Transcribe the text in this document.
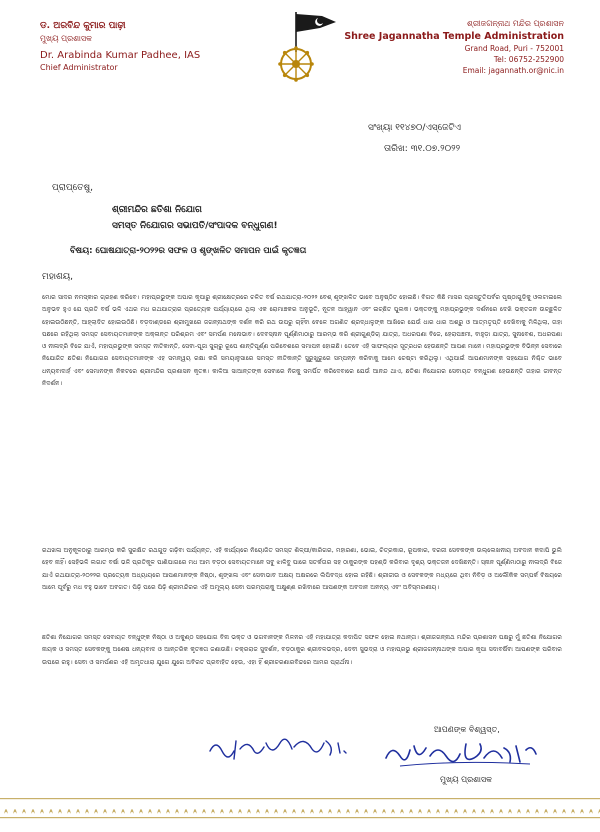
ଡ. ଅରବିନ୍ଦ କୁମାର ପାଢ଼ୀ
ମୁଖ୍ୟ ପ୍ରଶାସକ
Dr. Arabinda Kumar Padhee, IAS
Chief Administrator
ଶ୍ରୀଜଗନ୍ନାଥ ମନ୍ଦିର ପ୍ରଶାସନ
Shree Jagannatha Temple Administration
Grand Road, Puri - 752001
Tel: 06752-252900
Email: jagannath.or@nic.in
ସଂଖ୍ୟା ୧୧୪୭୦/ଏସ୍‌ଜେଟିଏ
ତାରିଖ: ୩୧.୦୭.୨୦୨୨
ପ୍ରାପ୍ତେଷୁ,
ଶ୍ରୀମନ୍ଦିର ଛତିଶା ନିଯୋଗ
ସମସ୍ତ ନିଯୋଗର ସଭାପତି/ସଂପାଦକ ବନ୍ଧୁଗଣ!
ବିଷୟ: ଘୋଷଯାତ୍ରା-୨୦୨୨ର ସଫଳ ଓ ଶୃଙ୍ଖଳିତ ସମାପନ ପାଇଁ କୃତଜ୍ଞତା
ମହାଶୟ,
ମୋର ସାଦର ନମସ୍କାର ଗ୍ରହଣ କରିବେ। ମହାପ୍ରଭୁଙ୍କ ଅପାର କୃପାରୁ ଶ୍ରୀକ୍ଷେତ୍ରରେ ଚଳିତ ବର୍ଷ ରଥଯାତ୍ରା-୨୦୨୨ ବେଶ୍ ଶୃଙ୍ଖଳିତ ଭାବେ ଅନୁଷ୍ଠିତ ହୋଇଛି। ବିଗତ କିଛି ମାସର ପ୍ରସ୍ତୁତିପର୍ବର ପୃଷ୍ଠାଗୁଡ଼ିକୁ ଓଲଟାଇଲେ ଅନୁଭବ ହୁଏ ଯେ ପ୍ରତି ବର୍ଷ ଭଳି ଏଥର ମଧ ରଥଯାତ୍ରାର ପ୍ରତ୍ୟେକ ପର୍ଯ୍ୟାୟରେ ଥିଲା ଏକ ରୋମାଞ୍ଚକର ଅନୁଭୂତି, ନୂତନ ଆହ୍ୱାନ ଏବଂ ଇଚ୍ଛିତ ପୁଲକ। ଭକ୍ତଙ୍କୁ ମହାପ୍ରଭୁଙ୍କ ଦର୍ଶନରେ ଦେଖି ଭକ୍ତଜନ ଉଚ୍ଛୁଳିତ ହୋଇଉଠିଛନ୍ତି, ଆହ୍ଲାଦିତ ହୋଇଉଠିଛି। ବଡ଼ଦାଣ୍ଡରେ ଶ୍ରୀମୁଖରେ ଜଗନ୍ନାଥଙ୍କ ଦର୍ଶନ କରି ରଥ ଉପରୁ ଚାହିଁବା ବେଳେ ଅଗଣିତ ଶ୍ରଦ୍ଧାଳୁଙ୍କ ଆଖିରେ ଯେଉଁ ଧାର ଧାର ଅଶ୍ରୁ ଓ ଆତ୍ମତୃପ୍ତି ଦେଖିବାକୁ ମିଳିଥିଲା, ତାହା ପଛରେ ରହିଥିଲା ସମସ୍ତ ସେବାୟତମାନଙ୍କ ଅକ୍ଳାନ୍ତ ପରିଶ୍ରମ ଏବଂ ସମର୍ପଣ ମନୋଭାବ। ଦେବସ୍ନାନ ପୂର୍ଣ୍ଣିମାଠାରୁ ଆରମ୍ଭ କରି ଶ୍ରୀଗୁଣ୍ଡିଚା ଯାତ୍ରା, ଅଧରପଣା ବିଜେ, ହେରାପଞ୍ଚମୀ, ବାହୁଡ଼ା ଯାତ୍ରା, ସୁନାବେଶ, ଅଧରପଣା ଓ ନୀଳାଦ୍ରି ବିଜେ ଯାଏଁ, ମହାପ୍ରଭୁଙ୍କ ସମସ୍ତ ନୀତିକାନ୍ତି, ସେବା-ପୂଜା ସୁଚାରୁ ରୂପେ ଶାନ୍ତିପୂର୍ଣ୍ଣ ପରିବେଶରେ ସମାପନ ହୋଇଛି। ତେବେ ଏହି ସାଫଲ୍ୟର ସୂତ୍ରଧର ହେଉଛନ୍ତି ଆପଣ ମାନେ। ମହାପ୍ରଭୁଙ୍କ ବିଭିନ୍ନ ସେବାରେ ନିଯୋଜିତ ଛତିଶା ନିଯୋଗର ସେବାୟତମାନଙ୍କ ଏହ ସମନ୍ୱୟ ରକ୍ଷା କରି ସମୟାନୁସାରେ ସମସ୍ତ ନୀତିକାନ୍ତି ସୁରୁଖୁରୁରେ ସମ୍ପନ୍ନ କରିବାକୁ ଆମେ ଚେଷ୍ଟା କରିଥିଲୁ। ଏଥିପାଇଁ ଆପଣମାନଙ୍କ ସହଯୋଗ ନିଶ୍ଚିତ ଭାବେ ଧନ୍ୟବାଦାର୍ହ ଏବଂ ସେମାନଙ୍କ ନିକଟରେ ଶ୍ରୀମନ୍ଦିର ପ୍ରଶାସନ କୃତଜ୍ଞ। କାଳିଆ ସାଆନ୍ତଙ୍କ ସେବାରେ ନିଜକୁ ସମର୍ପିତ କରିଦେବାରେ ଯେଉଁ ଆନନ୍ଦ ଥାଏ, ଛତିଶା ନିଯୋଗର ସେବାୟତ ବନ୍ଧୁଗଣ ହେଉଛନ୍ତି ତାହାର ଜୀବନ୍ତ ନିଦର୍ଶନ।
ରଥଖଳା ଅନୁକୂଳଠାରୁ ଆରମ୍ଭ କରି ସୁରକ୍ଷିତ ରଥଗୁଡ଼ ଗଢ଼ିବା ପର୍ଯ୍ୟନ୍ତ, ଏହି କାର୍ଯ୍ୟରେ ନିୟୋଜିତ ସମସ୍ତ ଶିଳ୍ପୀ/କାରିଗର, ମହାରଣା, ଭୋଇ, ଚିତ୍ରକାର, ରୂପକାର, ଦରଜୀ ସେବକଙ୍କ ଉଲ୍ଲେଖନୀୟ ଅବଦାନ କଦାପି ଭୁଲି ହେବ ନାହିଁ। ସେହିଭଳି ଲଗାତ ବର୍ଷା ଭଳି ପ୍ରତିକୂଳ ପାଣିପାଗରେ ମଧ ଆମ ବଡ଼ଠା ସେବାୟତମାନେ ସବୁ ଝାଳିବୁ ପାରେ ସତର୍କତାର ସହ ଠାକୁରଙ୍କ ପହଣ୍ଡି କରିବାର ଦୃଶ୍ୟ ଭକ୍ତଜନ ଦେଖିଛନ୍ତି। ସ୍ନାନ ପୂର୍ଣ୍ଣିମାଠାରୁ ନୀଳାଦ୍ରି ବିଜେ ଯାଏଁ ରଥଯାତ୍ରା-୨୦୨୨ର ପ୍ରତ୍ୟେକ ଅଧ୍ୟାୟରେ ଆପଣମାନଙ୍କ ନିଷ୍ଠା, ଶୃଙ୍ଖଳା ଏବଂ ସେବାଭାବ ଅକ୍ଷୟ ଅକ୍ଷରରେ ଲିପିବଦ୍ଧ ହୋଇ ରହିଛି। ଶ୍ରୀଜୀଉ ଓ ସେବକଙ୍କ ମଧ୍ୟରେ ଥିବା ନିବିଡ଼ ଓ ଅଲୌକିକ ସମ୍ପର୍କ ବିଷୟରେ ଆମେ ପୂର୍ବରୁ ମଧ ବହୁ ଭାବେ ଅବଗତ। ପିଢ଼ି ପରେ ପିଢ଼ି ଶ୍ରୀମନ୍ଦିରର ଏହି ଅମୂଲ୍ୟ ସେବା ପରମ୍ପରାକୁ ଅକ୍ଷୁଣ୍ଣ ରଖିବାରେ ଆପଣଙ୍କ ଅବଦାନ ଅନନ୍ୟ ଏବଂ ଅବିସ୍ମରଣୀୟ।
ଛତିଶା ନିଯୋଗର ସମସ୍ତ ସେବାୟତ ବନ୍ଧୁଙ୍କ ନିଷ୍ଠା ଓ ଅକୁଣ୍ଠ ସହଯୋଗ ବିନା ଭକ୍ତ ଓ ଭଗବାନଙ୍କ ମିଳନର ଏହି ମହାଯାତ୍ରା କଦାପିତ ସଫଳ ହୋଇ ନଥାନ୍ତା। ଶ୍ରୀଜଗନ୍ନାଥ ମନ୍ଦିର ପ୍ରଶାସନ ପକ୍ଷରୁ ମୁଁ ଛତିଶା ନିଯୋଗର ନାୟକ ଓ ସମସ୍ତ ସେବକଙ୍କୁ ଅଶେଷ ଧନ୍ୟବାଦ ଓ ଆନ୍ତରିକ କୃତଜ୍ଞତା ଜଣାଉଛି। ଚକ୍ରରାଜ ସୁଦର୍ଶନ, ବଡ଼ଠାକୁର ଶ୍ରୀବଳଭଦ୍ର, ଦେବୀ ସୁଭଦ୍ରା ଓ ମହାପ୍ରଭୁ ଶ୍ରୀଜଗନ୍ନାଥଙ୍କ ଅପାର କୃପା ସଦାବର୍ଷିବା ଆପଣଙ୍କ ପରିବାର ଉପରେ ରହୁ। ସେବା ଓ ସମର୍ପଣର ଏହି ଅମୃତଧାରା ଯୁଗେ ଯୁଗେ ଅବିରତ ପ୍ରବାହିତ ହେଉ, ଏହା ହିଁ ଶ୍ରୀଚରଣାରବିନ୍ଦରେ ଆମର ପ୍ରାର୍ଥନା।
ଆପଣଙ୍କ ବିଶ୍ୱସ୍ତ,
ମୁଖ୍ୟ ପ୍ରଶାସକ
